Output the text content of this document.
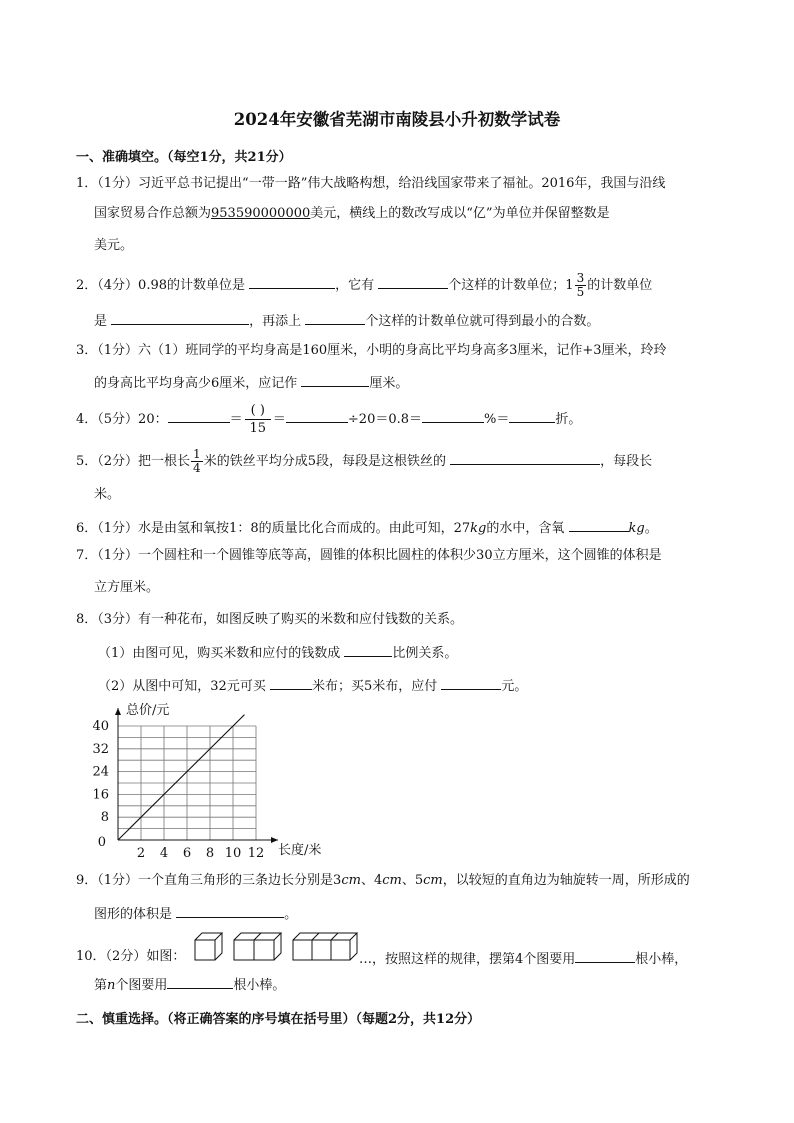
2024年安徽省芜湖市南陵县小升初数学试卷
一、准确填空。（每空1分，共21分）
1．（1分）习近平总书记提出“一带一路”伟大战略构想，给沿线国家带来了福祉。2016年，我国与沿线
国家贸易合作总额为953590000000美元，横线上的数改写成以“亿”为单位并保留整数是
美元。
2．（4分）0.98的计数单位是	，它有	个这样的计数单位；$1 \frac{3}{5}$ 的计数单位
是	，再添上	个这样的计数单位就可得到最小的合数。
3．（1分）六（1）班同学的平均身高是160厘米，小明的身高比平均身高多3厘米，记作+3厘米，玲玲
的身高比平均身高少6厘米，应记作	厘米。
4．（5分）20：	＝ $\frac{( )}{15}$ ＝	÷20＝0.8＝	%＝	折。
5．（2分）把一根长 $\frac{1}{4}$ 米的铁丝平均分成5段，每段是这根铁丝的	，每段长
米。
6．（1分）水是由氢和氧按1：8的质量比化合而成的。由此可知，27kg的水中，含氧	kg。
7．（1分）一个圆柱和一个圆锥等底等高，圆锥的体积比圆柱的体积少30立方厘米，这个圆锥的体积是
立方厘米。
8．（3分）有一种花布，如图反映了购买的米数和应付钱数的关系。
（1）由图可见，购买米数和应付的钱数成	比例关系。
（2）从图中可知，32元可买	米布；买5米布，应付	元。
2 4 6 8 10 12
8
16
24
32
40
0
总价/元
长度/米
9．（1分）一个直角三角形的三条边长分别是3cm、4cm、5cm，以较短的直角边为轴旋转一周，所形成的
图形的体积是	。
10．（2分）如图：	…，按照这样的规律，摆第4个图要用	根小棒，
第n个图要用	根小棒。
二、慎重选择。（将正确答案的序号填在括号里）（每题2分，共12分）
